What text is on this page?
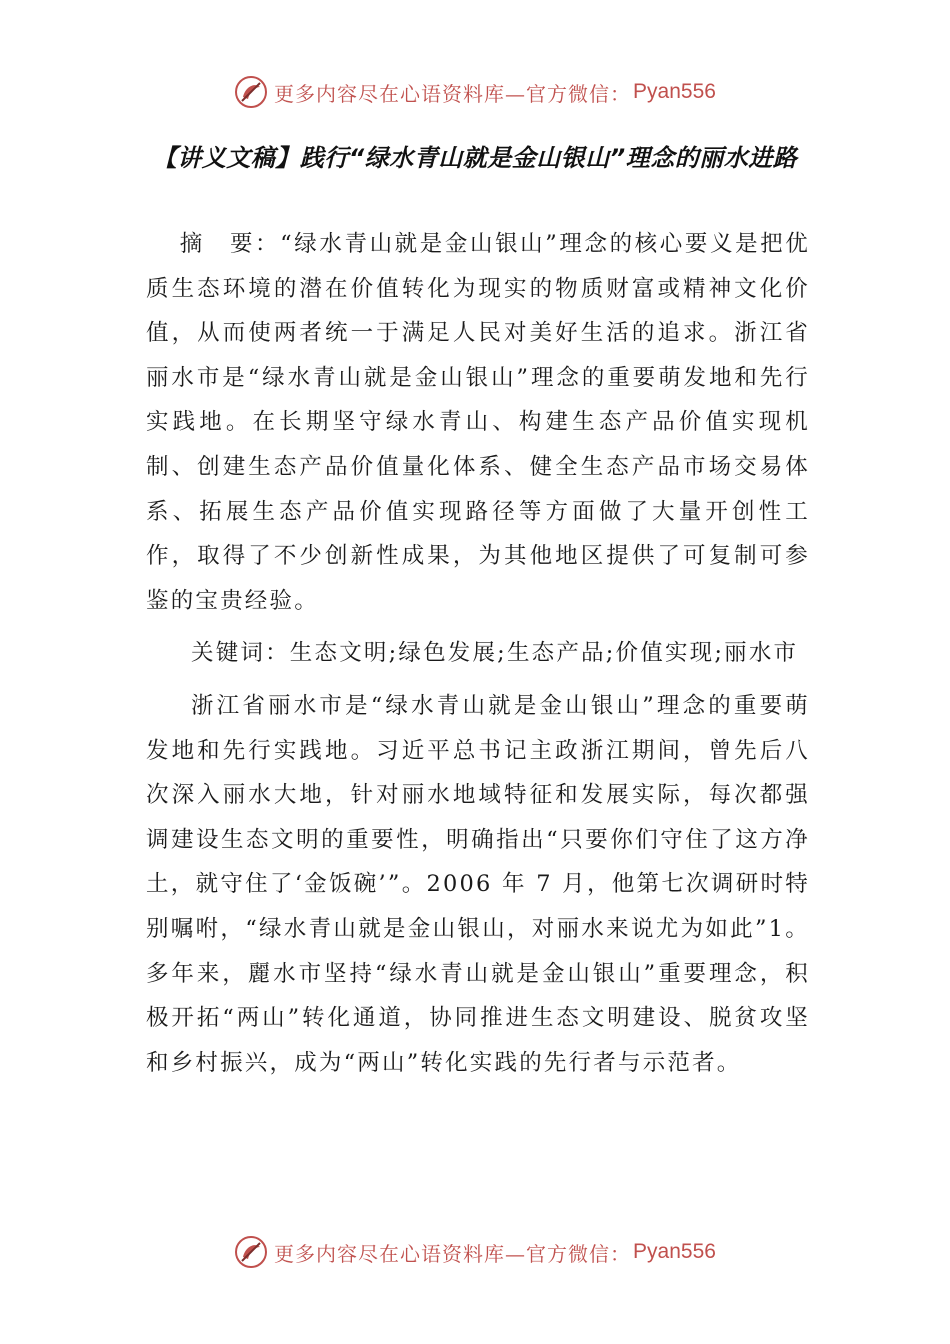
更多内容尽在心语资料库—官方微信： Pyan556
【讲义文稿】践行“绿水青山就是金山银山”理念的丽水进路

摘　要：“绿水青山就是金山银山”理念的核心要义是把优质生态环境的潜在价值转化为现实的物质财富或精神文化价值，从而使两者统一于满足人民对美好生活的追求。浙江省丽水市是“绿水青山就是金山银山”理念的重要萌发地和先行实践地。在长期坚守绿水青山、构建生态产品价值实现机制、创建生态产品价值量化体系、健全生态产品市场交易体系、拓展生态产品价值实现路径等方面做了大量开创性工作，取得了不少创新性成果，为其他地区提供了可复制可参鉴的宝贵经验。

关键词：生态文明;绿色发展;生态产品;价值实现;丽水市

浙江省丽水市是“绿水青山就是金山银山”理念的重要萌发地和先行实践地。习近平总书记主政浙江期间，曾先后八次深入丽水大地，针对丽水地域特征和发展实际，每次都强调建设生态文明的重要性，明确指出“只要你们守住了这方净土，就守住了‘金饭碗’”。2006 年 7 月，他第七次调研时特别嘱咐，“绿水青山就是金山银山，对丽水来说尤为如此”1。多年来，麗水市坚持“绿水青山就是金山银山”重要理念，积极开拓“两山”转化通道，协同推进生态文明建设、脱贫攻坚和乡村振兴，成为“两山”转化实践的先行者与示范者。

更多内容尽在心语资料库—官方微信： Pyan556
